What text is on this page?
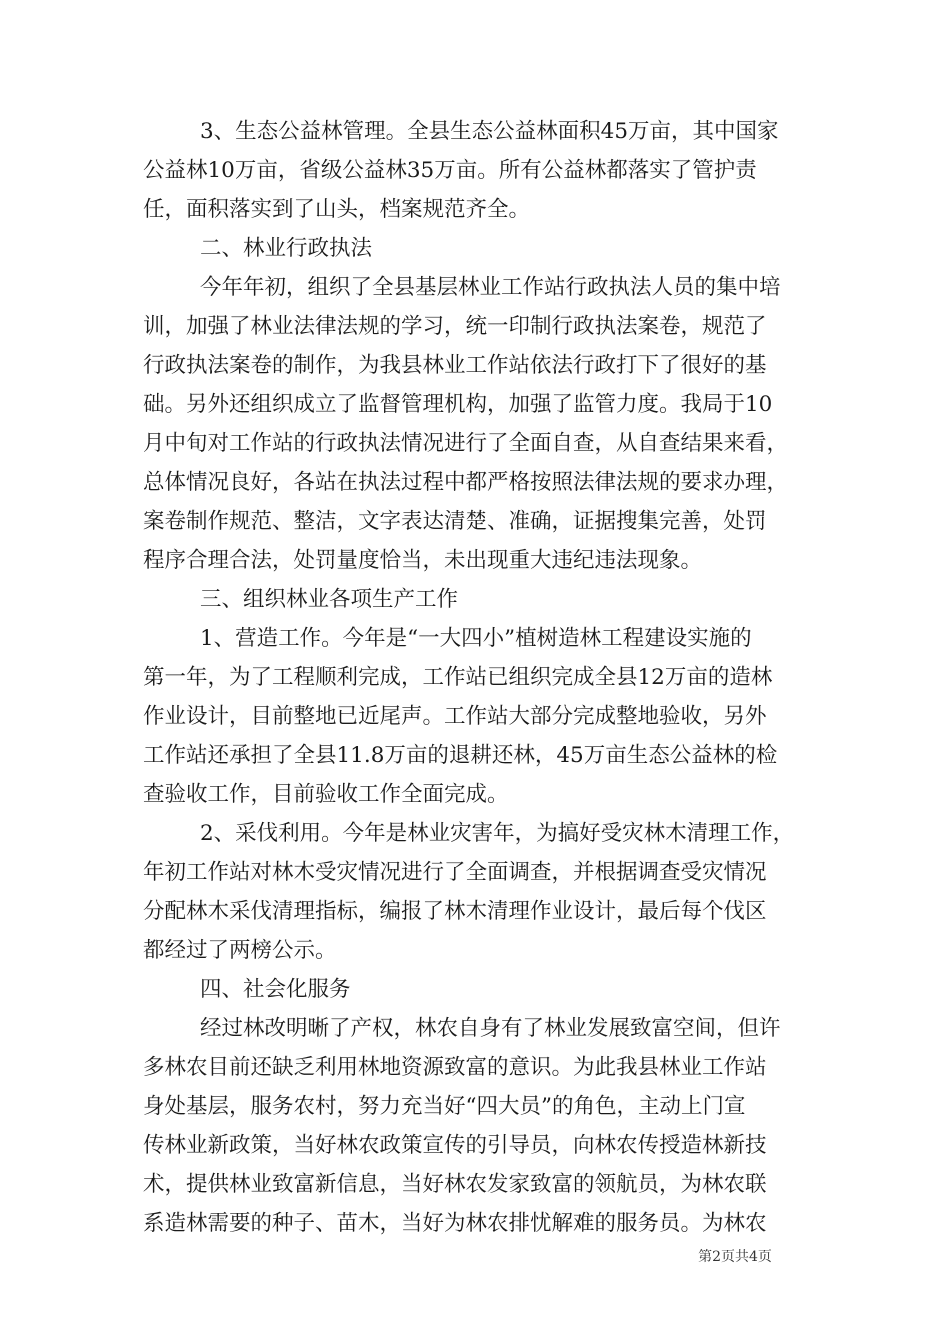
3、生态公益林管理。全县生态公益林面积45万亩，其中国家
公益林10万亩，省级公益林35万亩。所有公益林都落实了管护责
任，面积落实到了山头，档案规范齐全。
二、林业行政执法
今年年初，组织了全县基层林业工作站行政执法人员的集中培
训，加强了林业法律法规的学习，统一印制行政执法案卷，规范了
行政执法案卷的制作，为我县林业工作站依法行政打下了很好的基
础。另外还组织成立了监督管理机构，加强了监管力度。我局于10
月中旬对工作站的行政执法情况进行了全面自查，从自查结果来看，
总体情况良好，各站在执法过程中都严格按照法律法规的要求办理，
案卷制作规范、整洁，文字表达清楚、准确，证据搜集完善，处罚
程序合理合法，处罚量度恰当，未出现重大违纪违法现象。
三、组织林业各项生产工作
1、营造工作。今年是“一大四小”植树造林工程建设实施的
第一年，为了工程顺利完成，工作站已组织完成全县12万亩的造林
作业设计，目前整地已近尾声。工作站大部分完成整地验收，另外
工作站还承担了全县11.8万亩的退耕还林，45万亩生态公益林的检
查验收工作，目前验收工作全面完成。
2、采伐利用。今年是林业灾害年，为搞好受灾林木清理工作，
年初工作站对林木受灾情况进行了全面调查，并根据调查受灾情况
分配林木采伐清理指标，编报了林木清理作业设计，最后每个伐区
都经过了两榜公示。
四、社会化服务
经过林改明晰了产权，林农自身有了林业发展致富空间，但许
多林农目前还缺乏利用林地资源致富的意识。为此我县林业工作站
身处基层，服务农村，努力充当好“四大员”的角色，主动上门宣
传林业新政策，当好林农政策宣传的引导员，向林农传授造林新技
术，提供林业致富新信息，当好林农发家致富的领航员，为林农联
系造林需要的种子、苗木，当好为林农排忧解难的服务员。为林农
第2页共4页
